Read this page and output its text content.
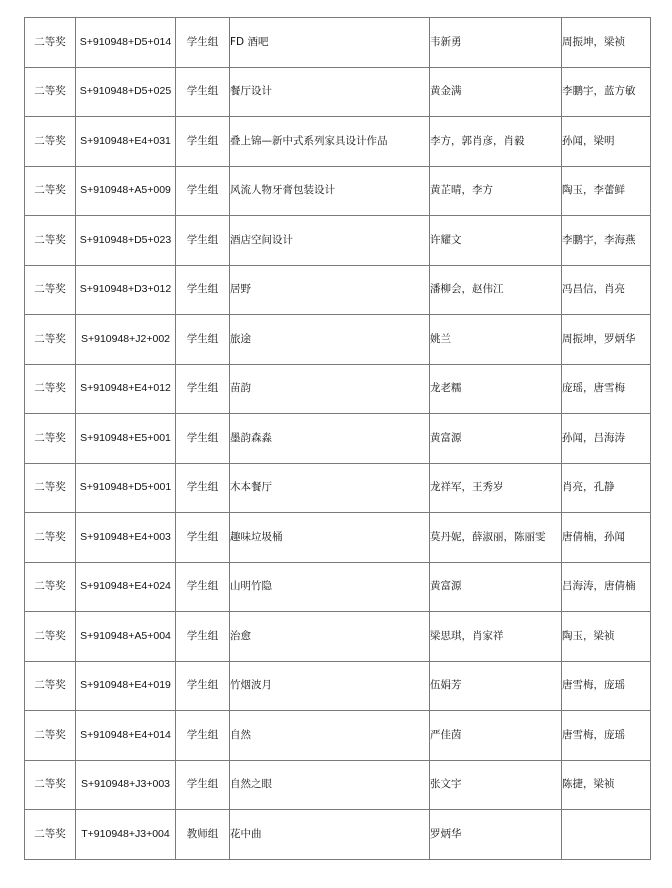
二等奖	S+910948+D5+014	学生组	FD 酒吧	韦新勇	周振坤，梁祯
二等奖	S+910948+D5+025	学生组	餐厅设计	黄金满	李鹏宇，蓝方敏
二等奖	S+910948+E4+031	学生组	叠上锦—新中式系列家具设计作品	李方，郭肖彦，肖毅	孙闻，梁明
二等奖	S+910948+A5+009	学生组	风流人物牙膏包装设计	黄芷晴，李方	陶玉，李蕾鲜
二等奖	S+910948+D5+023	学生组	酒店空间设计	许耀文	李鹏宇，李海燕
二等奖	S+910948+D3+012	学生组	居野	潘柳会，赵伟江	冯昌信，肖亮
二等奖	S+910948+J2+002	学生组	旅途	姚兰	周振坤，罗炳华
二等奖	S+910948+E4+012	学生组	苗韵	龙老糯	庞瑶，唐雪梅
二等奖	S+910948+E5+001	学生组	墨韵森淼	黄富源	孙闻，吕海涛
二等奖	S+910948+D5+001	学生组	木本餐厅	龙祥军，王秀岁	肖亮，孔静
二等奖	S+910948+E4+003	学生组	趣味垃圾桶	莫丹妮，薛淑丽，陈丽雯	唐倩楠，孙闻
二等奖	S+910948+E4+024	学生组	山明竹隐	黄富源	吕海涛，唐倩楠
二等奖	S+910948+A5+004	学生组	治愈	梁思琪，肖家祥	陶玉，梁祯
二等奖	S+910948+E4+019	学生组	竹烟波月	伍娟芳	唐雪梅，庞瑶
二等奖	S+910948+E4+014	学生组	自然	严佳茵	唐雪梅，庞瑶
二等奖	S+910948+J3+003	学生组	自然之眼	张文宇	陈捷，梁祯
二等奖	T+910948+J3+004	教师组	花中曲	罗炳华	
